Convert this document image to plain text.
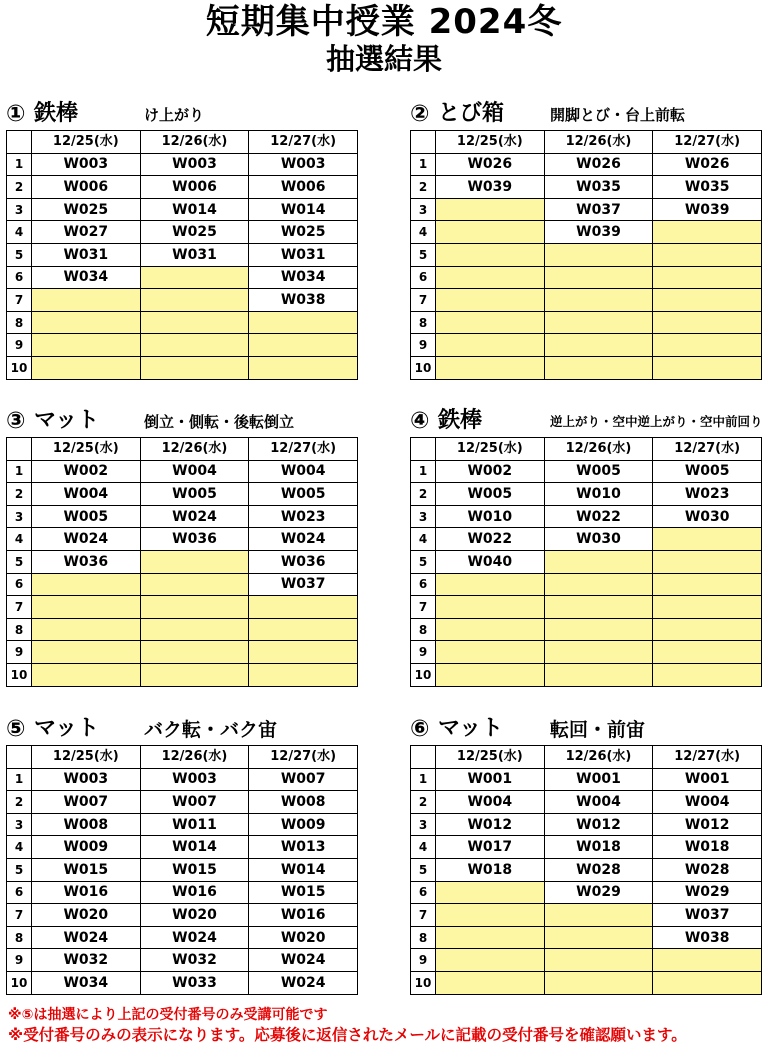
短期集中授業 2024冬
抽選結果
① 鉄棒	け上がり
	12/25(水)	12/26(水)	12/27(水)
1	W003	W003	W003
2	W006	W006	W006
3	W025	W014	W014
4	W027	W025	W025
5	W031	W031	W031
6	W034		W034
7			W038
8			
9			
10			
② とび箱	開脚とび・台上前転
	12/25(水)	12/26(水)	12/27(水)
1	W026	W026	W026
2	W039	W035	W035
3		W037	W039
4		W039	
5			
6			
7			
8			
9			
10			
③ マット	倒立・側転・後転倒立
	12/25(水)	12/26(水)	12/27(水)
1	W002	W004	W004
2	W004	W005	W005
3	W005	W024	W023
4	W024	W036	W024
5	W036		W036
6			W037
7			
8			
9			
10			
④ 鉄棒	逆上がり・空中逆上がり・空中前回り
	12/25(水)	12/26(水)	12/27(水)
1	W002	W005	W005
2	W005	W010	W023
3	W010	W022	W030
4	W022	W030	
5	W040		
6			
7			
8			
9			
10			
⑤ マット バク転・バク宙
	12/25(水)	12/26(水)	12/27(水)
1	W003	W003	W007
2	W007	W007	W008
3	W008	W011	W009
4	W009	W014	W013
5	W015	W015	W014
6	W016	W016	W015
7	W020	W020	W016
8	W024	W024	W020
9	W032	W032	W024
10	W034	W033	W024
⑥ マット 転回・前宙
	12/25(水)	12/26(水)	12/27(水)
1	W001	W001	W001
2	W004	W004	W004
3	W012	W012	W012
4	W017	W018	W018
5	W018	W028	W028
6		W029	W029
7			W037
8			W038
9			
10			
※⑤は抽選により上記の受付番号のみ受講可能です
※受付番号のみの表示になります。応募後に返信されたメールに記載の受付番号を確認願います。
